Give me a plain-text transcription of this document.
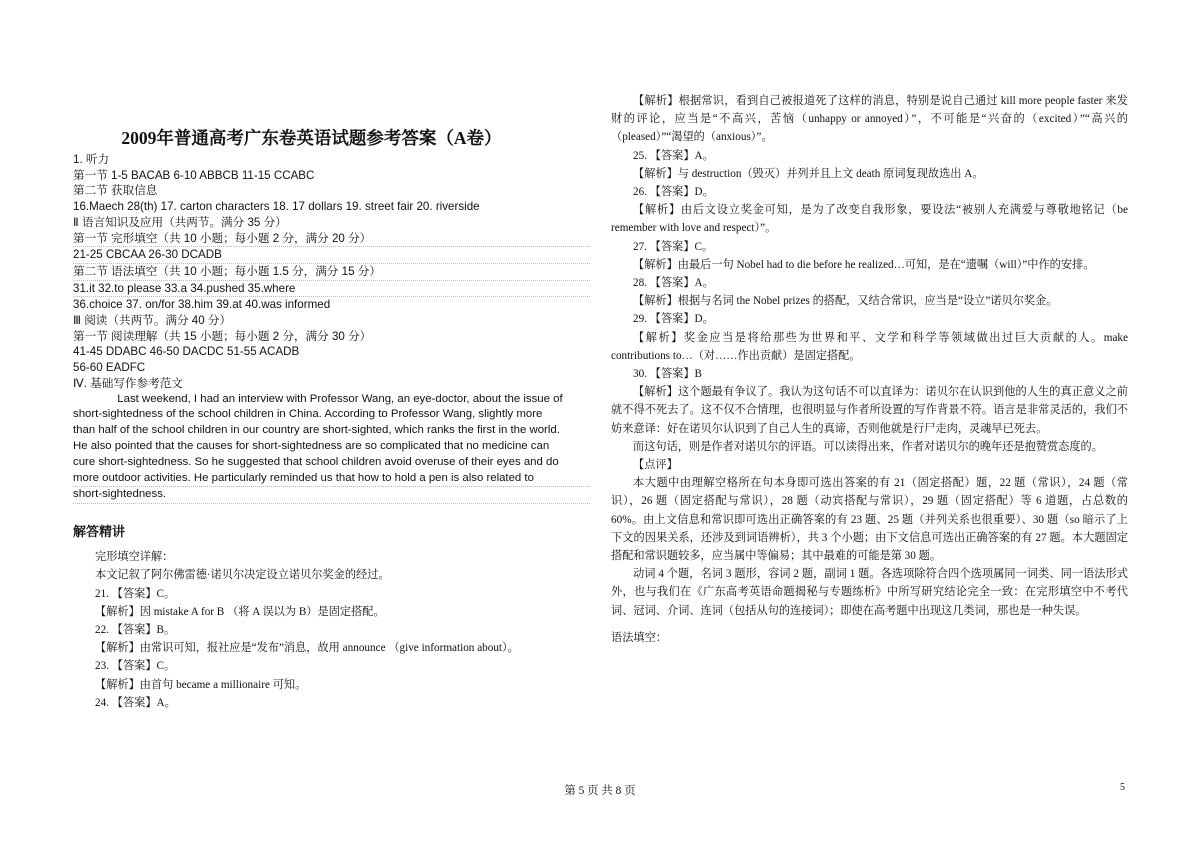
2009年普通高考广东卷英语试题参考答案（A卷）
1. 听力
第一节 1-5 BACAB 6-10 ABBCB 11-15 CCABC
第二节 获取信息
16.Maech 28(th) 17. carton characters 18. 17 dollars 19. street fair 20. riverside
Ⅱ 语言知识及应用（共两节。满分 35 分）
第一节 完形填空（共 10 小题；每小题 2 分，满分 20 分）
21-25 CBCAA 26-30 DCADB
第二节 语法填空（共 10 小题；每小题 1.5 分，满分 15 分）
31.it 32.to please 33.a 34.pushed 35.where
36.choice 37. on/for 38.him 39.at 40.was informed
Ⅲ 阅读（共两节。满分 40 分）
第一节 阅读理解（共 15 小题；每小题 2 分，满分 30 分）
41-45 DDABC 46-50 DACDC 51-55 ACADB
56-60 EADFC
Ⅳ. 基础写作参考范文
Last weekend, I had an interview with Professor Wang, an eye-doctor, about the issue of
short-sightedness of the school children in China. According to Professor Wang, slightly more
than half of the school children in our country are short-sighted, which ranks the first in the world.
He also pointed that the causes for short-sightedness are so complicated that no medicine can
cure short-sightedness. So he suggested that school children avoid overuse of their eyes and do
more outdoor activities. He particularly reminded us that how to hold a pen is also related to
short-sightedness.
解答精讲
完形填空详解：
本文记叙了阿尔佛雷德·诺贝尔决定设立诺贝尔奖金的经过。
21. 【答案】C。
【解析】因 mistake A for B （将 A 误以为 B）是固定搭配。
22. 【答案】B。
【解析】由常识可知，报社应是“发布”消息，故用 announce （give information about）。
23. 【答案】C。
【解析】由首句 became a millionaire 可知。
24. 【答案】A。
【解析】根据常识，看到自己被报道死了这样的消息，特别是说自己通过 kill more people faster 来发财的评论，应当是“不高兴，苦恼（unhappy or annoyed）”，不可能是“兴奋的（excited）”“高兴的（pleased）”“渴望的（anxious）”。
25. 【答案】A。
【解析】与 destruction（毁灭）并列并且上文 death 原词复现故选出 A。
26. 【答案】D。
【解析】由后文设立奖金可知，是为了改变自我形象，要设法“被别人充满爱与尊敬地铭记（be remember with love and respect）”。
27. 【答案】C。
【解析】由最后一句 Nobel had to die before he realized…可知，是在“遗嘱（will）”中作的安排。
28. 【答案】A。
【解析】根据与名词 the Nobel prizes 的搭配，又结合常识，应当是“设立”诺贝尔奖金。
29. 【答案】D。
【解析】奖金应当是将给那些为世界和平、文学和科学等领域做出过巨大贡献的人。make contributions to…（对……作出贡献）是固定搭配。
30. 【答案】B
【解析】这个题最有争议了。我认为这句话不可以直译为：诺贝尔在认识到他的人生的真正意义之前就不得不死去了。这不仅不合情理，也很明显与作者所设置的写作背景不符。语言是非常灵活的，我们不妨来意译：好在诺贝尔认识到了自己人生的真谛，否则他就是行尸走肉，灵魂早已死去。
而这句话，则是作者对诺贝尔的评语。可以读得出来，作者对诺贝尔的晚年还是抱赞赏态度的。
【点评】
本大题中由理解空格所在句本身即可选出答案的有 21（固定搭配）题，22 题（常识），24 题（常识），26 题（固定搭配与常识），28 题（动宾搭配与常识），29 题（固定搭配）等 6 道题，占总数的 60%。由上文信息和常识即可选出正确答案的有 23 题、25 题（并列关系也很重要）、30 题（so 暗示了上下文的因果关系，还涉及到词语辨析），共 3 个小题；由下文信息可选出正确答案的有 27 题。本大题固定搭配和常识题较多，应当属中等偏易；其中最难的可能是第 30 题。
动词 4 个题，名词 3 题形，容词 2 题，副词 1 题。各选项除符合四个选项属同一词类、同一语法形式外，也与我们在《广东高考英语命题揭秘与专题练析》中所写研究结论完全一致：在完形填空中不考代词、冠词、介词、连词（包括从句的连接词）；即使在高考题中出现这几类词，那也是一种失误。
语法填空：
第 5 页 共 8 页	5
